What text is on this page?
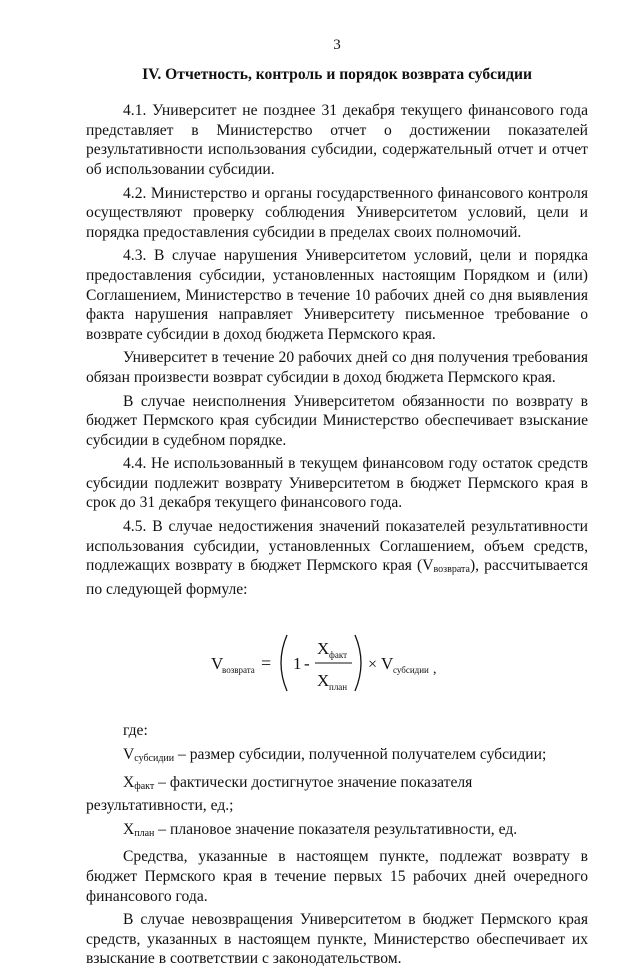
3
IV. Отчетность, контроль и порядок возврата субсидии

4.1. Университет не позднее 31 декабря текущего финансового года представляет в Министерство отчет о достижении показателей результативности использования субсидии, содержательный отчет и отчет об использовании субсидии.

4.2. Министерство и органы государственного финансового контроля осуществляют проверку соблюдения Университетом условий, цели и порядка предоставления субсидии в пределах своих полномочий.

4.3. В случае нарушения Университетом условий, цели и порядка предоставления субсидии, установленных настоящим Порядком и (или) Соглашением, Министерство в течение 10 рабочих дней со дня выявления факта нарушения направляет Университету письменное требование о возврате субсидии в доход бюджета Пермского края.

Университет в течение 20 рабочих дней со дня получения требования обязан произвести возврат субсидии в доход бюджета Пермского края.

В случае неисполнения Университетом обязанности по возврату в бюджет Пермского края субсидии Министерство обеспечивает взыскание субсидии в судебном порядке.

4.4. Не использованный в текущем финансовом году остаток средств субсидии подлежит возврату Университетом в бюджет Пермского края в срок до 31 декабря текущего финансового года.

4.5. В случае недостижения значений показателей результативности использования субсидии, установленных Соглашением, объем средств, подлежащих возврату в бюджет Пермского края $(V_{возврата})$, рассчитывается по следующей формуле:

V
возврата = 1 -
X факт
X план
× V субсидии ,

где:

$V_{субсидии}$ – размер субсидии, полученной получателем субсидии;
$X_{факт}$ – фактически достигнутое значение показателя результативности, ед.;
$X_{план}$ – плановое значение показателя результативности, ед.

Средства, указанные в настоящем пункте, подлежат возврату в бюджет Пермского края в течение первых 15 рабочих дней очередного финансового года.

В случае невозвращения Университетом в бюджет Пермского края средств, указанных в настоящем пункте, Министерство обеспечивает их взыскание в соответствии с законодательством.
